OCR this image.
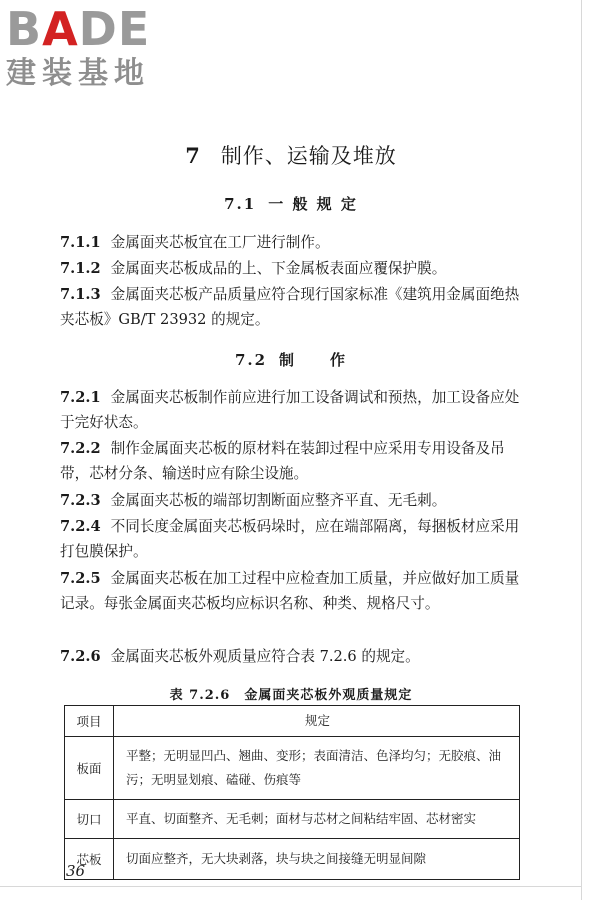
BADE
建装基地
7 制作、运输及堆放
7.1 一 般 规 定
7.1.1 金属面夹芯板宜在工厂进行制作。
7.1.2 金属面夹芯板成品的上、下金属板表面应覆保护膜。
7.1.3 金属面夹芯板产品质量应符合现行国家标准《建筑用金属面绝热夹芯板》GB/T 23932 的规定。
7.2 制　　作
7.2.1 金属面夹芯板制作前应进行加工设备调试和预热，加工设备应处于完好状态。
7.2.2 制作金属面夹芯板的原材料在装卸过程中应采用专用设备及吊带，芯材分条、输送时应有除尘设施。
7.2.3 金属面夹芯板的端部切割断面应整齐平直、无毛刺。
7.2.4 不同长度金属面夹芯板码垛时，应在端部隔离，每捆板材应采用打包膜保护。
7.2.5 金属面夹芯板在加工过程中应检查加工质量，并应做好加工质量记录。每张金属面夹芯板均应标识名称、种类、规格尺寸。
7.2.6 金属面夹芯板外观质量应符合表 7.2.6 的规定。
表 7.2.6 金属面夹芯板外观质量规定
项目	规定
板面	平整；无明显凹凸、翘曲、变形；表面清洁、色泽均匀；无胶痕、油污；无明显划痕、磕碰、伤痕等
切口	平直、切面整齐、无毛刺；面材与芯材之间粘结牢固、芯材密实
芯板	切面应整齐，无大块剥落，块与块之间接缝无明显间隙
36
